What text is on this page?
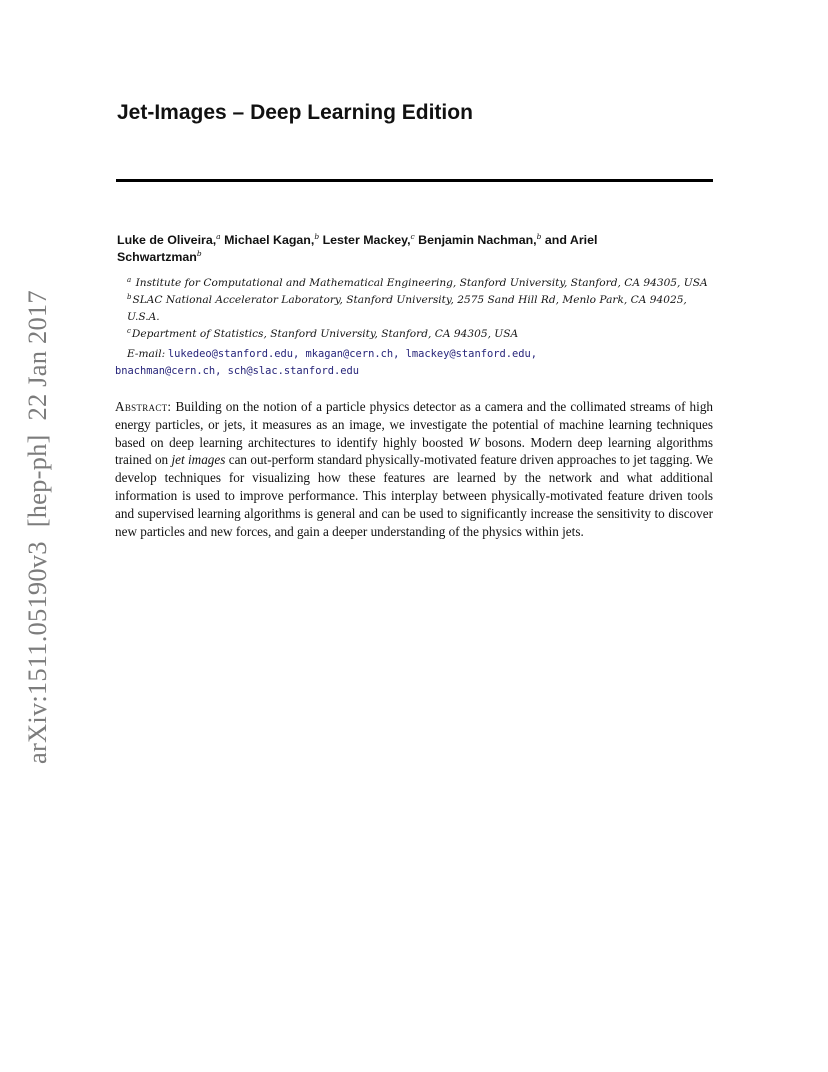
arXiv:1511.05190v3[hep-ph]22 Jan 2017
Jet-Images – Deep Learning Edition
Luke de Oliveira,$^a$ Michael Kagan,$^b$ Lester Mackey,$^c$ Benjamin Nachman,$^b$ and Ariel Schwartzman$^b$
$^a$ Institute for Computational and Mathematical Engineering, Stanford University, Stanford, CA 94305, USA
$^b$SLAC National Accelerator Laboratory, Stanford University, 2575 Sand Hill Rd, Menlo Park, CA 94025,
U.S.A.
$^c$Department of Statistics, Stanford University, Stanford, CA 94305, USA
E-mail: lukedeo@stanford.edu, mkagan@cern.ch, lmackey@stanford.edu,
bnachman@cern.ch, sch@slac.stanford.edu
Abstract: Building on the notion of a particle physics detector as a camera and the collimated streams of high energy particles, or jets, it measures as an image, we investigate the potential of machine learning techniques based on deep learning architectures to identify highly boosted W bosons. Modern deep learning algorithms trained on jet images can out-perform standard physically-motivated feature driven approaches to jet tagging. We develop techniques for visualizing how these features are learned by the network and what additional information is used to improve performance. This interplay between physically-motivated feature driven tools and supervised learning algorithms is general and can be used to significantly increase the sensitivity to discover new particles and new forces, and gain a deeper understanding of the physics within jets.
